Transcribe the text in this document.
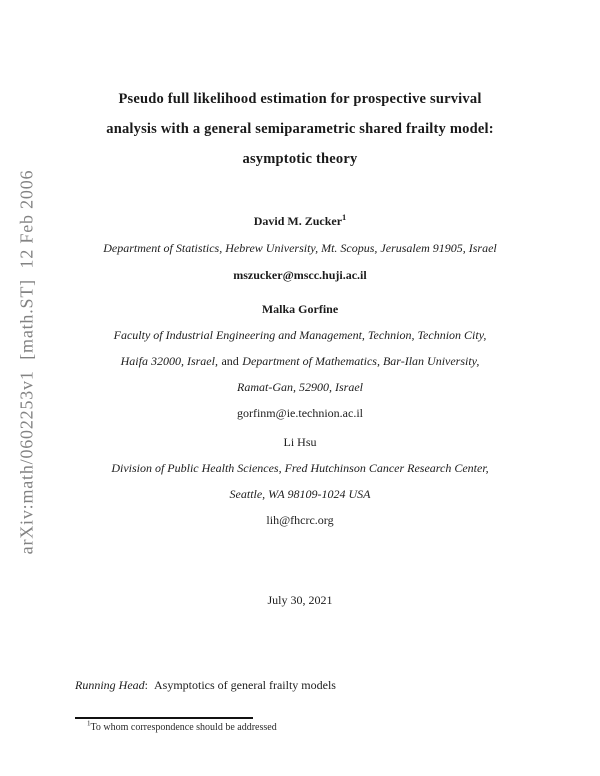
arXiv:math/0602253v1  [math.ST]  12 Feb 2006
Pseudo full likelihood estimation for prospective survival
analysis with a general semiparametric shared frailty model:
asymptotic theory
David M. Zucker$^1$
Department of Statistics, Hebrew University, Mt. Scopus, Jerusalem 91905, Israel
mszucker@mscc.huji.ac.il
Malka Gorfine
Faculty of Industrial Engineering and Management, Technion, Technion City,
Haifa 32000, Israel, and Department of Mathematics, Bar-Ilan University,
Ramat-Gan, 52900, Israel
gorfinm@ie.technion.ac.il
Li Hsu
Division of Public Health Sciences, Fred Hutchinson Cancer Research Center,
Seattle, WA 98109-1024 USA
lih@fhcrc.org
July 30, 2021
Running Head: Asymptotics of general frailty models
$^1$To whom correspondence should be addressed
